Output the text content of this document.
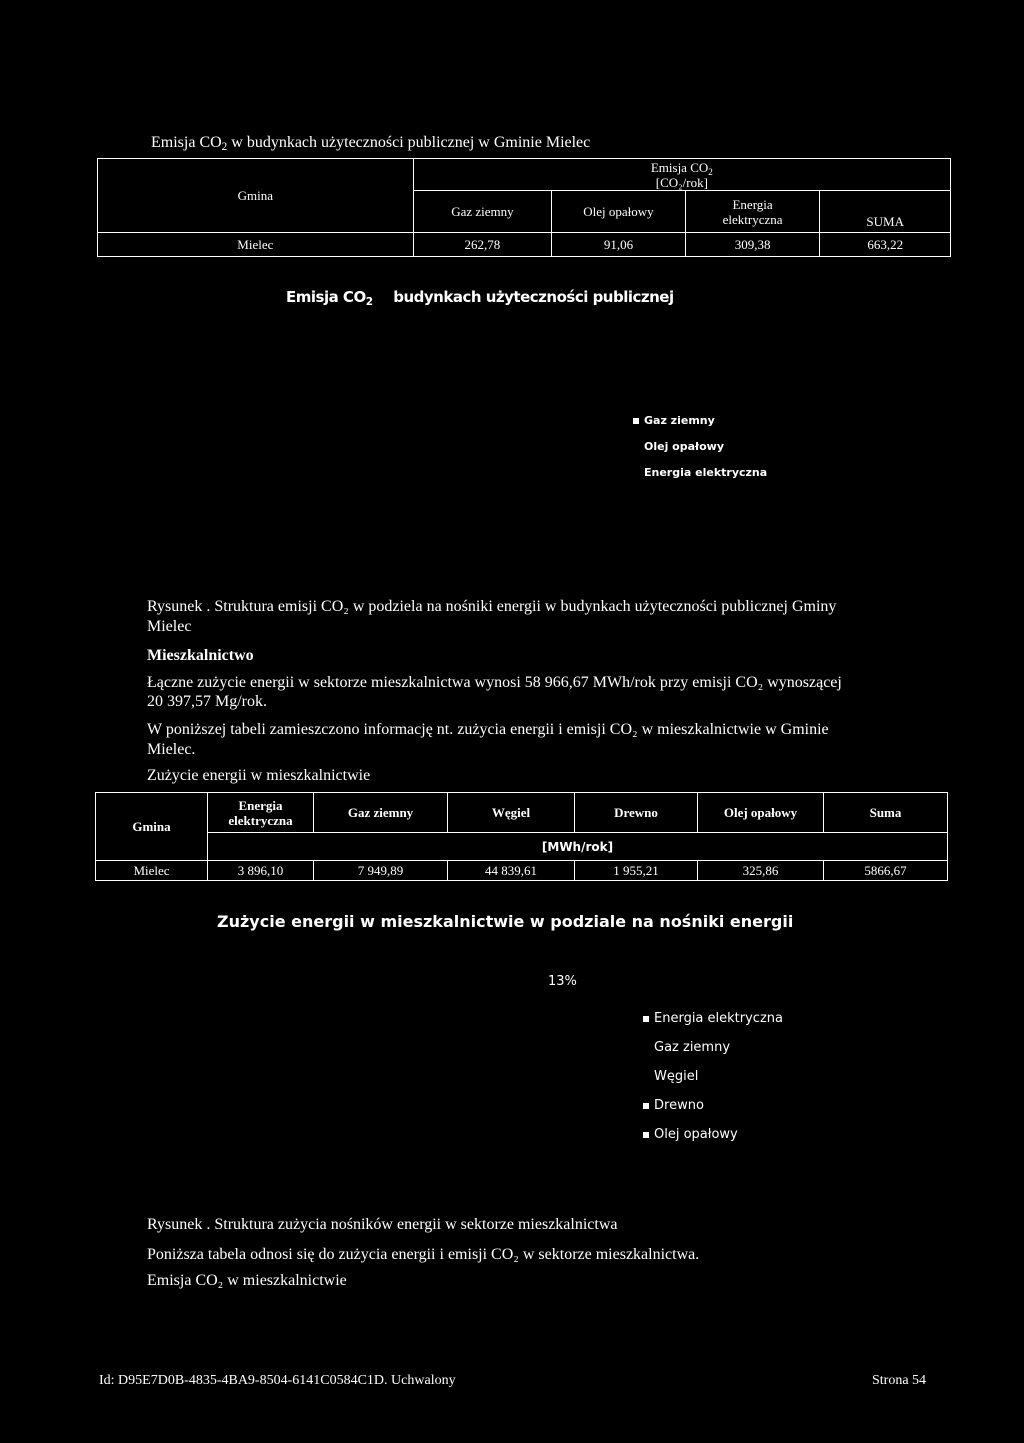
Emisja $CO_2$ w budynkach użyteczności publicznej w Gminie Mielec
Gmina	Emisja $CO_2$
[CO₂/rok]			
	Gaz ziemny	Olej opałowy	Energia
elektryczna	SUMA
Mielec	262,78	91,06	309,38	663,22
Emisja $CO_2$ budynkach użyteczności publicznej
Gaz ziemny
Olej opałowy
Energia elektryczna
Rysunek . Struktura emisji CO₂ w podziela na nośniki energii w budynkach użyteczności publicznej Gminy
Mielec
Mieszkalnictwo
Łączne zużycie energii w sektorze mieszkalnictwa wynosi 58 966,67 MWh/rok przy emisji CO₂ wynoszącej
20 397,57 Mg/rok.
W poniższej tabeli zamieszczono informację nt. zużycia energii i emisji CO₂ w mieszkalnictwie w Gminie
Mielec.
Zużycie energii w mieszkalnictwie
Gmina	Energia
elektryczna	Gaz ziemny	Węgiel	Drewno	Olej opałowy	Suma
	[MWh/rok]					
Mielec	3 896,10	7 949,89	44 839,61	1 955,21	325,86	5866,67
Zużycie energii w mieszkalnictwie w podziale na nośniki energii
13%
Energia elektryczna
Gaz ziemny
Węgiel
Drewno
Olej opałowy
Rysunek . Struktura zużycia nośników energii w sektorze mieszkalnictwa
Poniższa tabela odnosi się do zużycia energii i emisji CO₂ w sektorze mieszkalnictwa.
Emisja CO₂ w mieszkalnictwie
Id: D95E7D0B-4835-4BA9-8504-6141C0584C1D. Uchwalony	Strona 54
